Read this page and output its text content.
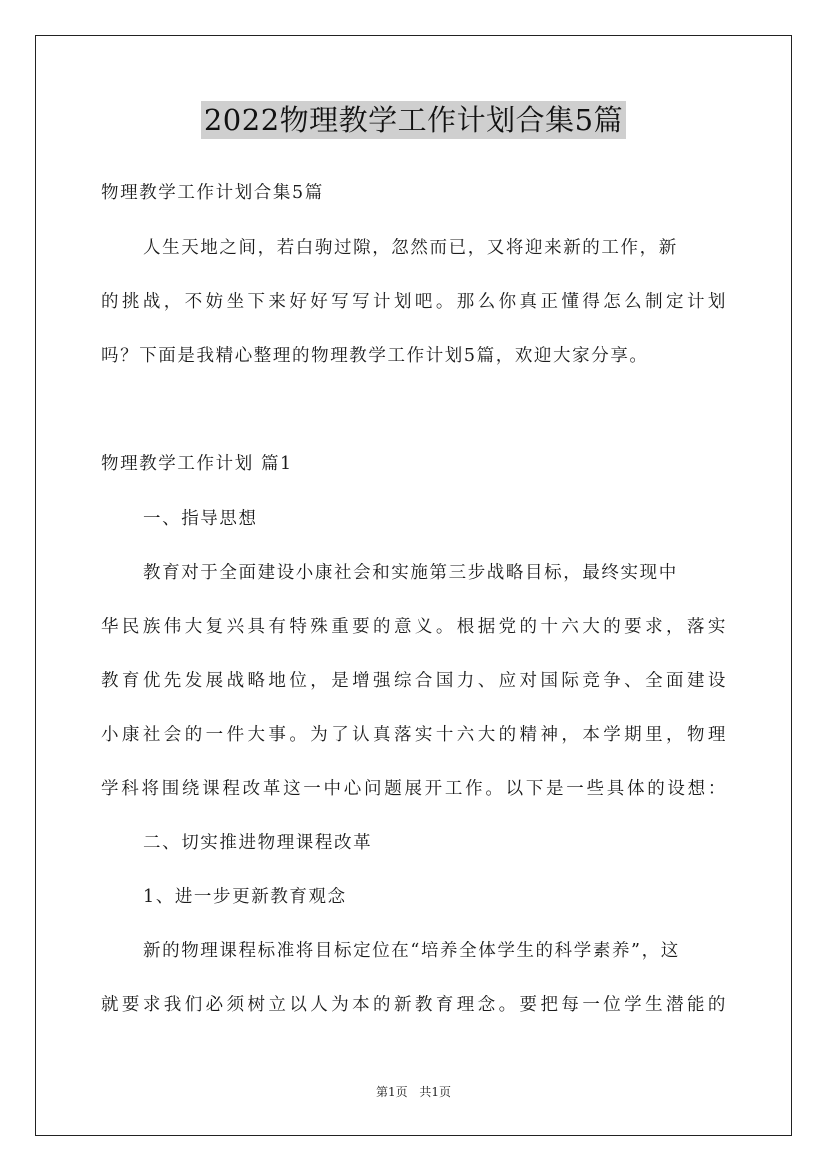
2022物理教学工作计划合集5篇
物理教学工作计划合集5篇
人生天地之间，若白驹过隙，忽然而已，又将迎来新的工作，新
的挑战，不妨坐下来好好写写计划吧。那么你真正懂得怎么制定计划
吗？下面是我精心整理的物理教学工作计划5篇，欢迎大家分享。
物理教学工作计划 篇1
一、指导思想
教育对于全面建设小康社会和实施第三步战略目标，最终实现中
华民族伟大复兴具有特殊重要的意义。根据党的十六大的要求，落实
教育优先发展战略地位，是增强综合国力、应对国际竞争、全面建设
小康社会的一件大事。为了认真落实十六大的精神，本学期里，物理
学科将围绕课程改革这一中心问题展开工作。以下是一些具体的设想：
二、切实推进物理课程改革
1、进一步更新教育观念
新的物理课程标准将目标定位在“培养全体学生的科学素养”，这
就要求我们必须树立以人为本的新教育理念。要把每一位学生潜能的
第1页 共1页
